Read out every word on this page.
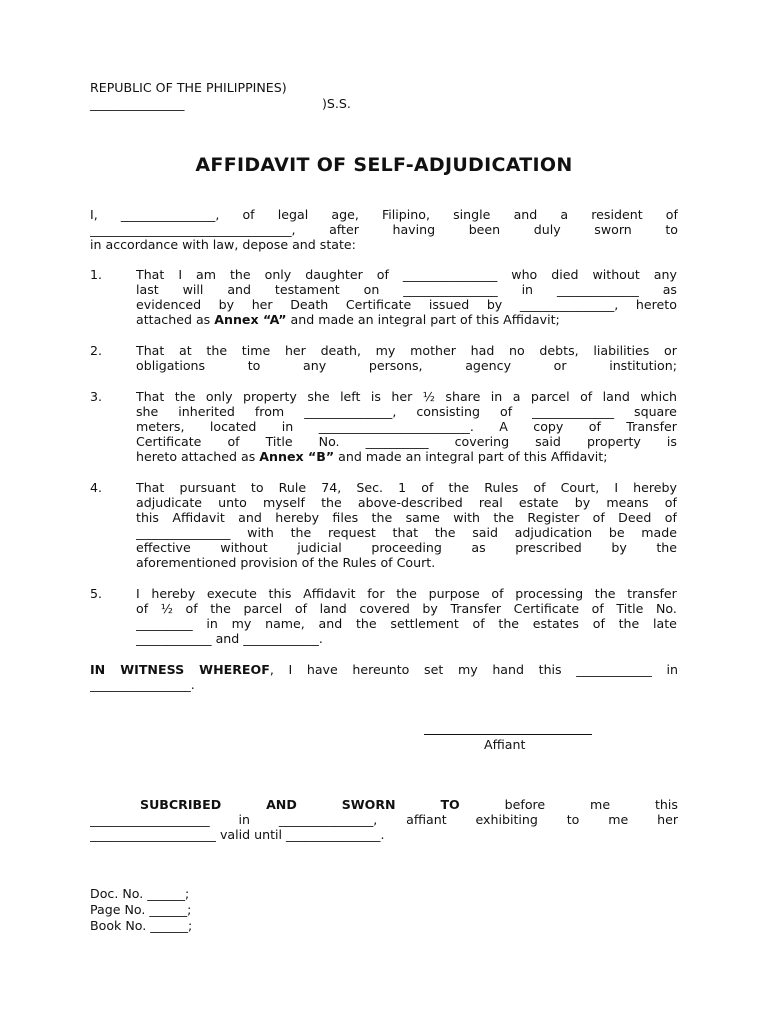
REPUBLIC OF THE PHILIPPINES)
_______________	)S.S.
AFFIDAVIT OF SELF-ADJUDICATION
I, _______________, of legal age, Filipino, single and a resident of
________________________________,	after	having	been	duly	sworn	to
in accordance with law, depose and state:
1.	That I am the only daughter of _______________ who died without any
last will and testament on _______________ in _____________ as
evidenced by her Death Certificate issued by _______________, hereto
attached as Annex “A” and made an integral part of this Affidavit;
2.	That at the time her death, my mother had no debts, liabilities or
obligations	to	any	persons,	agency	or	institution;
3.	That the only property she left is her ½ share in a parcel of land which
she inherited from ______________, consisting of _____________ square
meters, located in ________________________. A copy of Transfer
Certificate of Title No. __________ covering said property is
hereto attached as Annex “B” and made an integral part of this Affidavit;
4.	That pursuant to Rule 74, Sec. 1 of the Rules of Court, I hereby
adjudicate unto myself the above-described real estate by means of
this Affidavit and hereby files the same with the Register of Deed of
_______________ with the request that the said adjudication be made
effective without judicial proceeding as prescribed by the
aforementioned provision of the Rules of Court.
5.	I hereby execute this Affidavit for the purpose of processing the transfer
of ½ of the parcel of land covered by Transfer Certificate of Title No.
_________ in my name, and the settlement of the estates of the late
____________ and ____________.
IN WITNESS WHEREOF, I have hereunto set my hand this ____________ in
________________.
Affiant
SUBCRIBED	AND	SWORN	TO	before	me	this
___________________ in _______________, affiant exhibiting to me her
____________________ valid until _______________.
Doc. No. ______;
Page No. ______;
Book No. ______;
